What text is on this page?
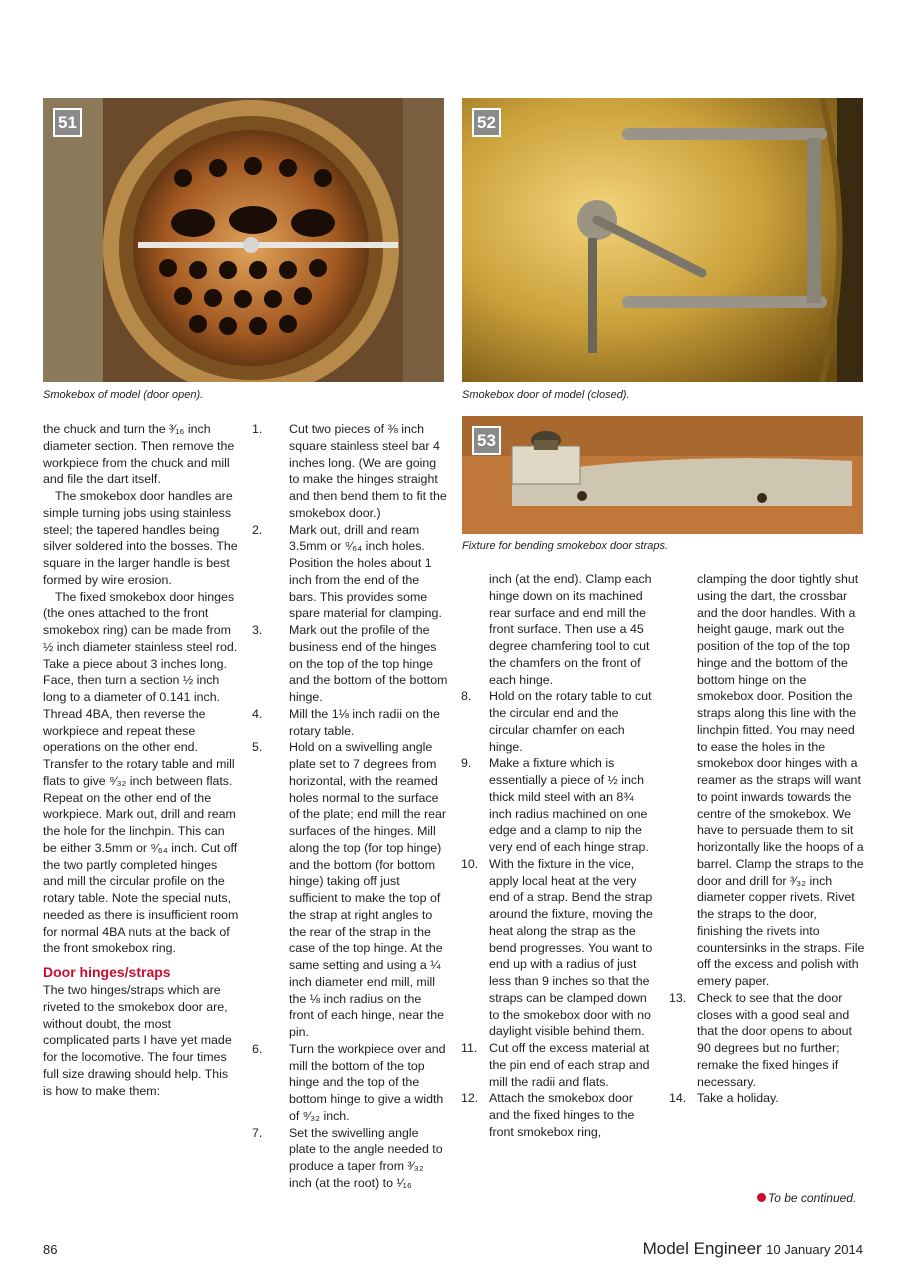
51
Smokebox of model (door open).
52
Smokebox door of model (closed).
53
Fixture for bending smokebox door straps.

the chuck and turn the ³⁄₁₆ inch diameter section. Then remove the workpiece from the chuck and mill and file the dart itself.

The smokebox door handles are simple turning jobs using stainless steel; the tapered handles being silver soldered into the bosses. The square in the larger handle is best formed by wire erosion.

The fixed smokebox door hinges (the ones attached to the front smokebox ring) can be made from ½ inch diameter stainless steel rod. Take a piece about 3 inches long. Face, then turn a section ½ inch long to a diameter of 0.141 inch. Thread 4BA, then reverse the workpiece and repeat these operations on the other end. Transfer to the rotary table and mill flats to give ⁹⁄₃₂ inch between flats. Repeat on the other end of the workpiece. Mark out, drill and ream the hole for the linchpin. This can be either 3.5mm or ⁹⁄₆₄ inch. Cut off the two partly completed hinges and mill the circular profile on the rotary table. Note the special nuts, needed as there is insufficient room for normal 4BA nuts at the back of the front smokebox ring.

Door hinges/straps

The two hinges/straps which are riveted to the smokebox door are, without doubt, the most complicated parts I have yet made for the locomotive. The four times full size drawing should help. This is how to make them:

1. Cut two pieces of ⅜ inch square stainless steel bar 4 inches long. (We are going to make the hinges straight and then bend them to fit the smokebox door.)
2. Mark out, drill and ream 3.5mm or ⁹⁄₆₄ inch holes. Position the holes about 1 inch from the end of the bars. This provides some spare material for clamping.
3. Mark out the profile of the business end of the hinges on the top of the top hinge and the bottom of the bottom hinge.
4. Mill the 1⅛ inch radii on the rotary table.
5. Hold on a swivelling angle plate set to 7 degrees from horizontal, with the reamed holes normal to the surface of the plate; end mill the rear surfaces of the hinges. Mill along the top (for top hinge) and the bottom (for bottom hinge) taking off just sufficient to make the top of the strap at right angles to the rear of the strap in the case of the top hinge. At the same setting and using a ¼ inch diameter end mill, mill the ⅛ inch radius on the front of each hinge, near the pin.
6. Turn the workpiece over and mill the bottom of the top hinge and the top of the bottom hinge to give a width of ⁹⁄₃₂ inch.
7. Set the swivelling angle plate to the angle needed to produce a taper from ³⁄₃₂ inch (at the root) to ¹⁄₁₆
inch (at the end). Clamp each hinge down on its machined rear surface and end mill the front surface. Then use a 45 degree chamfering tool to cut the chamfers on the front of each hinge.
8. Hold on the rotary table to cut the circular end and the circular chamfer on each hinge.
9. Make a fixture which is essentially a piece of ½ inch thick mild steel with an 8¾ inch radius machined on one edge and a clamp to nip the very end of each hinge strap.
10. With the fixture in the vice, apply local heat at the very end of a strap. Bend the strap around the fixture, moving the heat along the strap as the bend progresses. You want to end up with a radius of just less than 9 inches so that the straps can be clamped down to the smokebox door with no daylight visible behind them.
11. Cut off the excess material at the pin end of each strap and mill the radii and flats.
12. Attach the smokebox door and the fixed hinges to the front smokebox ring,
clamping the door tightly shut using the dart, the crossbar and the door handles. With a height gauge, mark out the position of the top of the top hinge and the bottom of the bottom hinge on the smokebox door. Position the straps along this line with the linchpin fitted. You may need to ease the holes in the smokebox door hinges with a reamer as the straps will want to point inwards towards the centre of the smokebox. We have to persuade them to sit horizontally like the hoops of a barrel. Clamp the straps to the door and drill for ³⁄₃₂ inch diameter copper rivets. Rivet the straps to the door, finishing the rivets into countersinks in the straps. File off the excess and polish with emery paper.
13. Check to see that the door closes with a good seal and that the door opens to about 90 degrees but no further; remake the fixed hinges if necessary.
14. Take a holiday.
To be continued.
86	Model Engineer 10 January 2014
